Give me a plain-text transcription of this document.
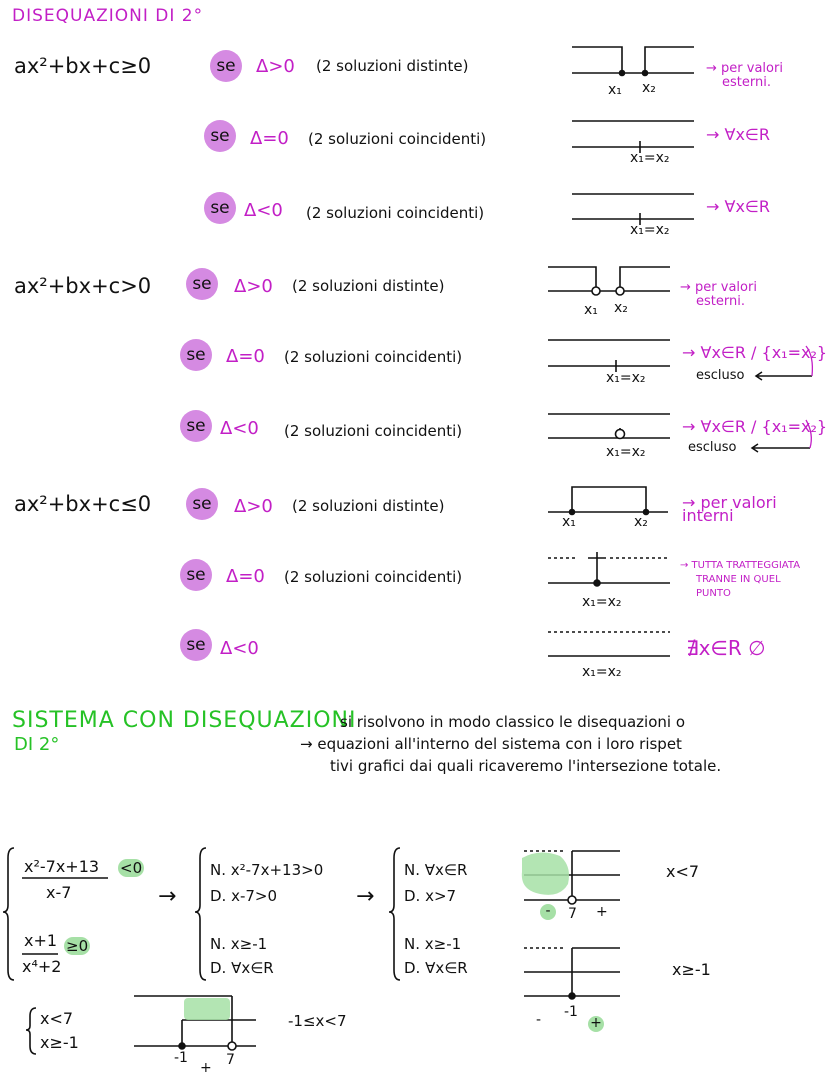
DISEQUAZIONI DI 2°
ax²+bx+c≥0	se	Δ>0 (2 soluzioni distinte)	→ per valori
esterni.
x₁ x₂
se	Δ=0 (2 soluzioni coincidenti)	→ ∀x∈R
x₁=x₂
se Δ<0 (2 soluzioni coincidenti)	→ ∀x∈R
x₁=x₂
ax²+bx+c>0	se	Δ>0 (2 soluzioni distinte)	→ per valori
esterni.
x₁ x₂
se	Δ=0 (2 soluzioni coincidenti)	→ ∀x∈R / {x₁=x₂}
escluso
x₁=x₂
se Δ<0 (2 soluzioni coincidenti)	→ ∀x∈R / {x₁=x₂}
escluso
x₁=x₂
ax²+bx+c≤0	se	Δ>0 (2 soluzioni distinte)	→ per valori interni
x₁	x₂
se	Δ=0 (2 soluzioni coincidenti)
→ TUTTA TRATTEGGIATA
TRANNE IN QUEL
PUNTO
x₁=x₂
se Δ<0	∄x∈R ∅
x₁=x₂
SISTEMA CON DISEQUAZIONI
DI 2°
si risolvono in modo classico le disequazioni o
→ equazioni all'interno del sistema con i loro rispet
tivi grafici dai quali ricaveremo l'intersezione totale.
x²-7x+13 <0
x-7
x+1 ≥0
x⁴+2
→
N. x²-7x+13>0
D. x-7>0
N. x≥-1
D. ∀x∈R
→
N. ∀x∈R
D. x>7
N. x≥-1
D. ∀x∈R
-	7 +
x<7
- -1
+
x≥-1
x<7
x≥-1
-1
+ 7
-1≤x<7
